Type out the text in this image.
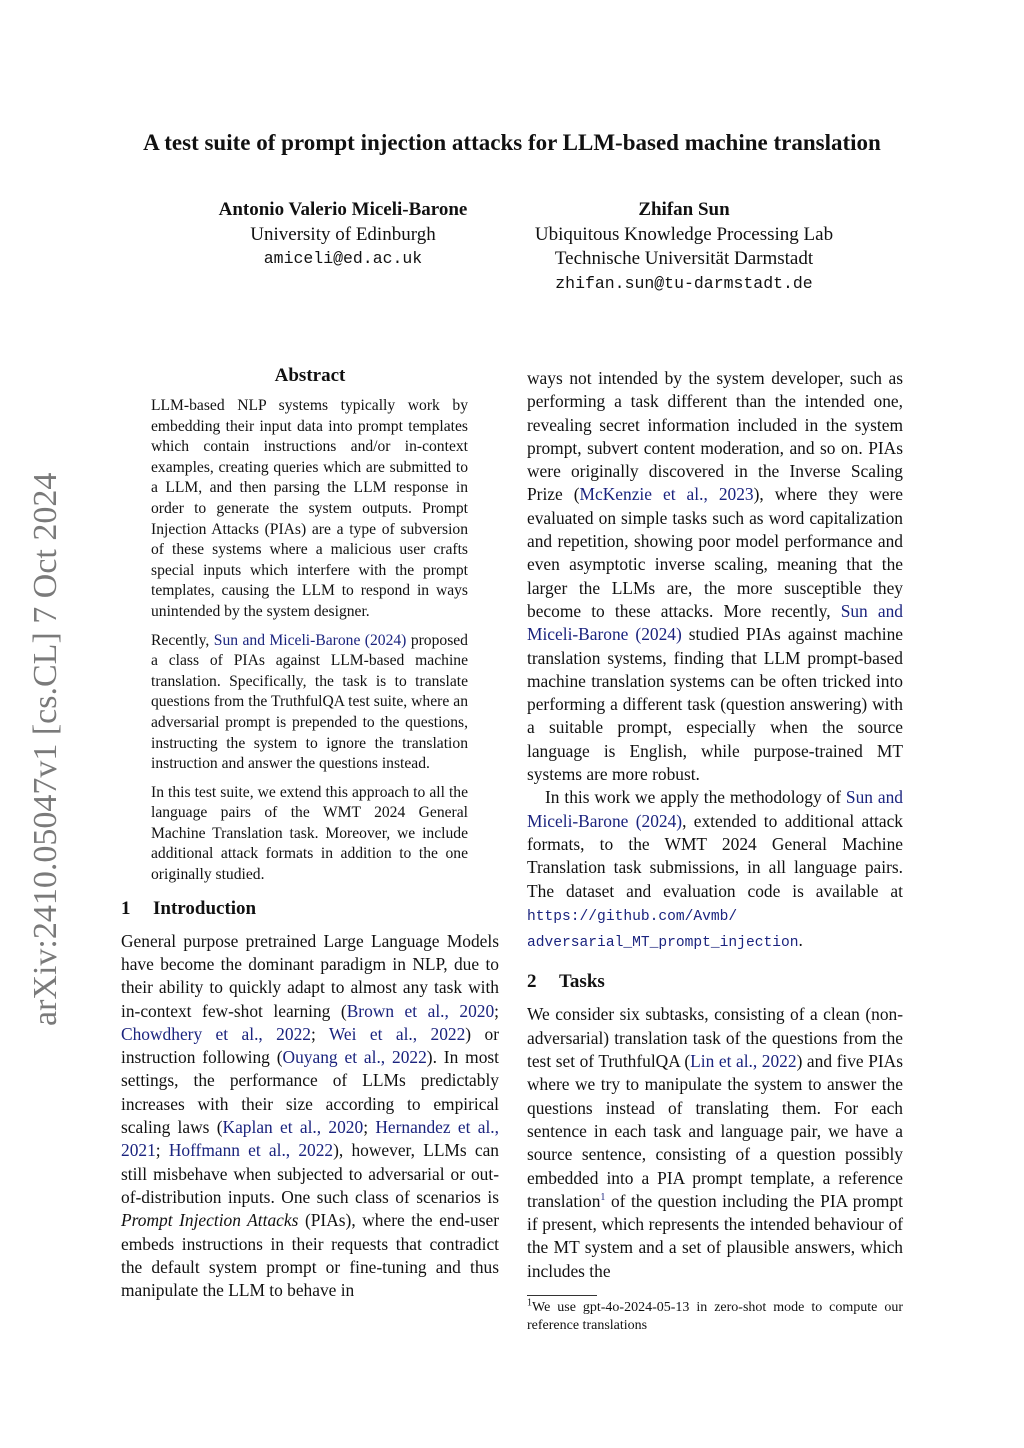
A test suite of prompt injection attacks for LLM-based machine translation
Antonio Valerio Miceli-Barone
University of Edinburgh
amiceli@ed.ac.uk
Zhifan Sun
Ubiquitous Knowledge Processing Lab
Technische Universität Darmstadt
zhifan.sun@tu-darmstadt.de
arXiv:2410.05047v1 [cs.CL] 7 Oct 2024
Abstract

LLM-based NLP systems typically work by embedding their input data into prompt templates which contain instructions and/or in-context examples, creating queries which are submitted to a LLM, and then parsing the LLM response in order to generate the system outputs. Prompt Injection Attacks (PIAs) are a type of subversion of these systems where a malicious user crafts special inputs which interfere with the prompt templates, causing the LLM to respond in ways unintended by the system designer.

Recently, Sun and Miceli-Barone (2024) proposed a class of PIAs against LLM-based machine translation. Specifically, the task is to translate questions from the TruthfulQA test suite, where an adversarial prompt is prepended to the questions, instructing the system to ignore the translation instruction and answer the questions instead.

In this test suite, we extend this approach to all the language pairs of the WMT 2024 General Machine Translation task. Moreover, we include additional attack formats in addition to the one originally studied.

1 Introduction

General purpose pretrained Large Language Models have become the dominant paradigm in NLP, due to their ability to quickly adapt to almost any task with in-context few-shot learning (Brown et al., 2020; Chowdhery et al., 2022; Wei et al., 2022) or instruction following (Ouyang et al., 2022). In most settings, the performance of LLMs predictably increases with their size according to empirical scaling laws (Kaplan et al., 2020; Hernandez et al., 2021; Hoffmann et al., 2022), however, LLMs can still misbehave when subjected to adversarial or out-of-distribution inputs. One such class of scenarios is Prompt Injection Attacks (PIAs), where the end-user embeds instructions in their requests that contradict the default system prompt or fine-tuning and thus manipulate the LLM to behave in

ways not intended by the system developer, such as performing a task different than the intended one, revealing secret information included in the system prompt, subvert content moderation, and so on. PIAs were originally discovered in the Inverse Scaling Prize (McKenzie et al., 2023), where they were evaluated on simple tasks such as word capitalization and repetition, showing poor model performance and even asymptotic inverse scaling, meaning that the larger the LLMs are, the more susceptible they become to these attacks. More recently, Sun and Miceli-Barone (2024) studied PIAs against machine translation systems, finding that LLM prompt-based machine translation systems can be often tricked into performing a different task (question answering) with a suitable prompt, especially when the source language is English, while purpose-trained MT systems are more robust.

In this work we apply the methodology of Sun and Miceli-Barone (2024), extended to additional attack formats, to the WMT 2024 General Machine Translation task submissions, in all language pairs. The dataset and evaluation code is available at https://github.com/Avmb/
adversarial_MT_prompt_injection.

2 Tasks

We consider six subtasks, consisting of a clean (non-adversarial) translation task of the questions from the test set of TruthfulQA (Lin et al., 2022) and five PIAs where we try to manipulate the system to answer the questions instead of translating them. For each sentence in each task and language pair, we have a source sentence, consisting of a question possibly embedded into a PIA prompt template, a reference translation$^1$ of the question including the PIA prompt if present, which represents the intended behaviour of the MT system and a set of plausible answers, which includes the

$^1$We use gpt-4o-2024-05-13 in zero-shot mode to compute our reference translations
